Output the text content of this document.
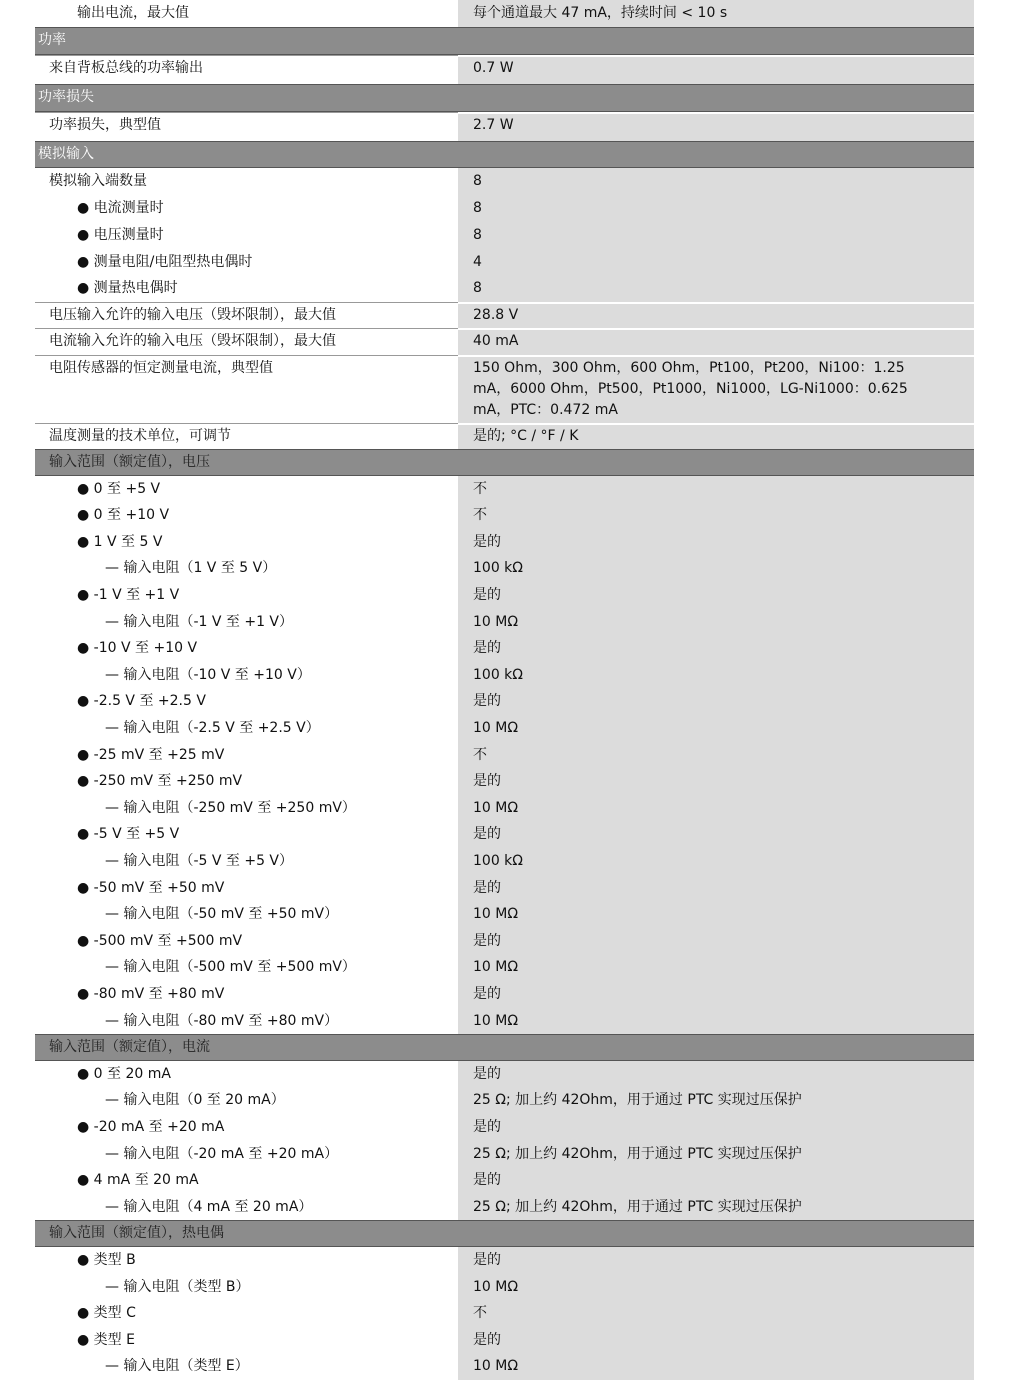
输出电流，最大值	每个通道最大 47 mA，持续时间 < 10 s
功率
来自背板总线的功率输出	0.7 W
功率损失
功率损失，典型值	2.7 W
模拟输入
模拟输入端数量	8
● 电流测量时	8
● 电压测量时	8
● 测量电阻/电阻型热电偶时	4
● 测量热电偶时	8
电压输入允许的输入电压（毁坏限制），最大值	28.8 V
电流输入允许的输入电压（毁坏限制），最大值	40 mA
电阻传感器的恒定测量电流，典型值	150 Ohm，300 Ohm，600 Ohm，Pt100，Pt200，Ni100：1.25 mA，6000 Ohm，Pt500，Pt1000，Ni1000，LG-Ni1000：0.625 mA，PTC：0.472 mA
温度测量的技术单位，可调节	是的; °C / °F / K
输入范围（额定值），电压
● 0 至 +5 V	不
● 0 至 +10 V	不
● 1 V 至 5 V	是的
— 输入电阻（1 V 至 5 V）	100 kΩ
● -1 V 至 +1 V	是的
— 输入电阻（-1 V 至 +1 V）	10 MΩ
● -10 V 至 +10 V	是的
— 输入电阻（-10 V 至 +10 V）	100 kΩ
● -2.5 V 至 +2.5 V	是的
— 输入电阻（-2.5 V 至 +2.5 V）	10 MΩ
● -25 mV 至 +25 mV	不
● -250 mV 至 +250 mV	是的
— 输入电阻（-250 mV 至 +250 mV）	10 MΩ
● -5 V 至 +5 V	是的
— 输入电阻（-5 V 至 +5 V）	100 kΩ
● -50 mV 至 +50 mV	是的
— 输入电阻（-50 mV 至 +50 mV）	10 MΩ
● -500 mV 至 +500 mV	是的
— 输入电阻（-500 mV 至 +500 mV）	10 MΩ
● -80 mV 至 +80 mV	是的
— 输入电阻（-80 mV 至 +80 mV）	10 MΩ
输入范围（额定值），电流
● 0 至 20 mA	是的
— 输入电阻（0 至 20 mA）	25 Ω; 加上约 42Ohm，用于通过 PTC 实现过压保护
● -20 mA 至 +20 mA	是的
— 输入电阻（-20 mA 至 +20 mA）	25 Ω; 加上约 42Ohm，用于通过 PTC 实现过压保护
● 4 mA 至 20 mA	是的
— 输入电阻（4 mA 至 20 mA）	25 Ω; 加上约 42Ohm，用于通过 PTC 实现过压保护
输入范围（额定值），热电偶
● 类型 B	是的
— 输入电阻（类型 B）	10 MΩ
● 类型 C	不
● 类型 E	是的
— 输入电阻（类型 E）	10 MΩ
